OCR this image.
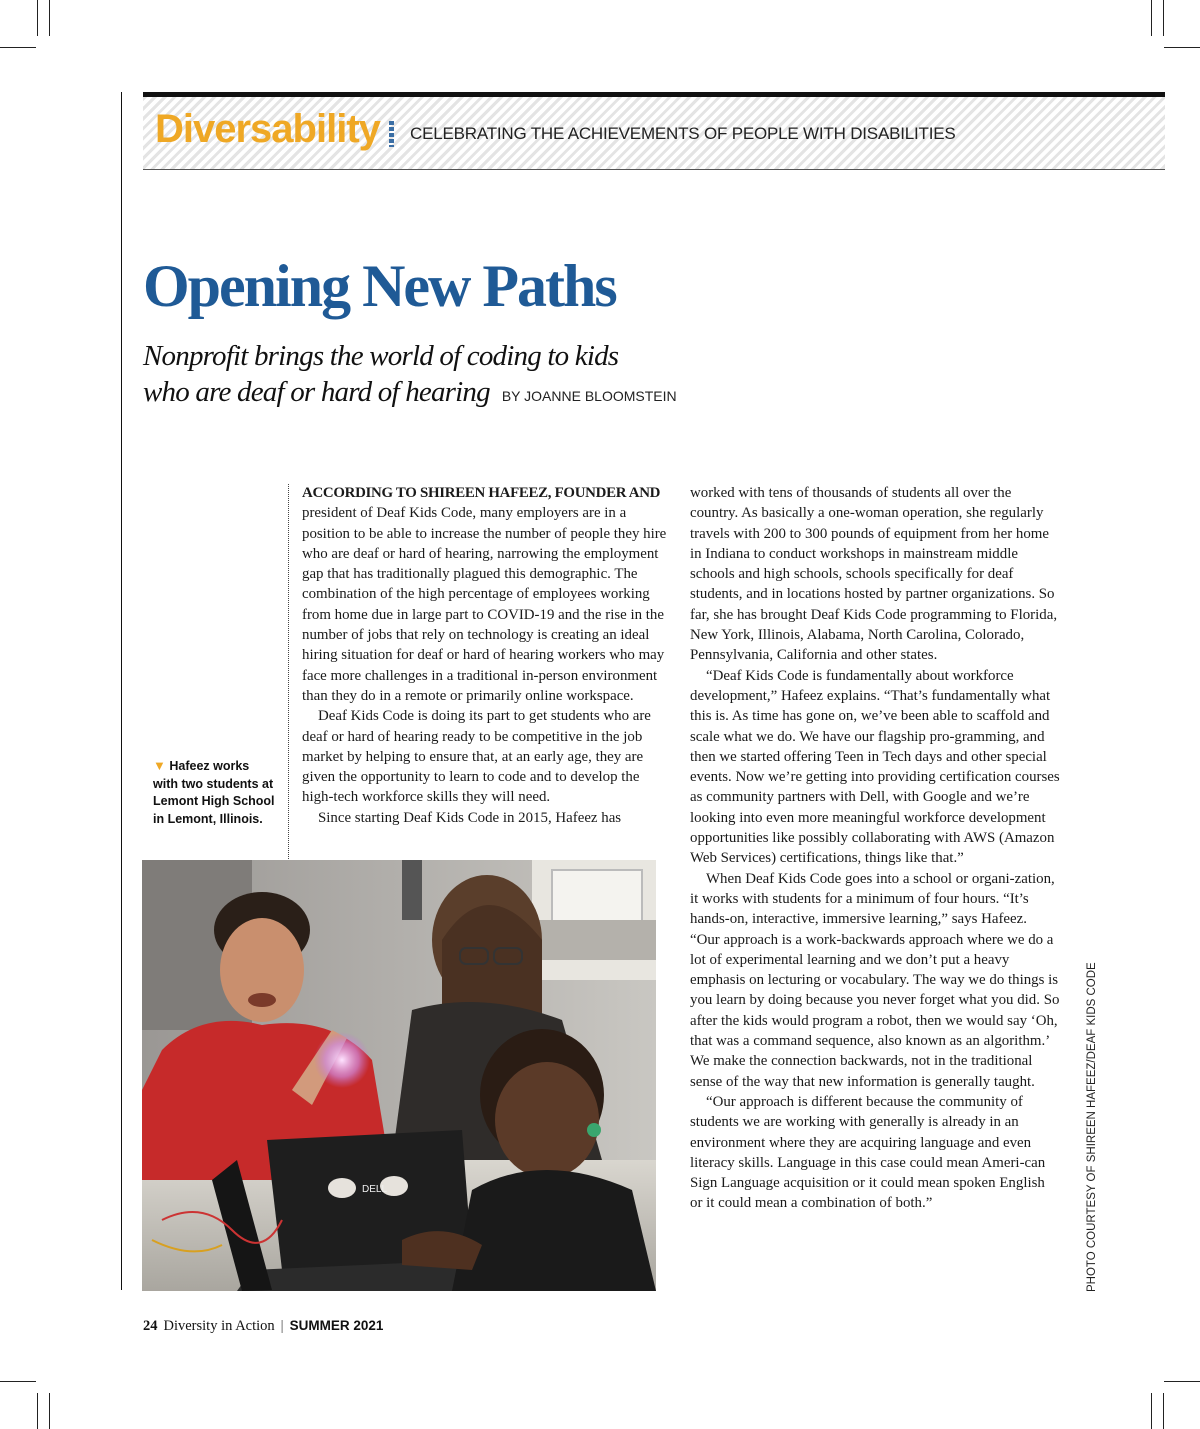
Diversability CELEBRATING THE ACHIEVEMENTS OF PEOPLE WITH DISABILITIES
Opening New Paths
Nonprofit brings the world of coding to kids
who are deaf or hard of hearing BY JOANNE BLOOMSTEIN
▼ Hafeez works with two students at Lemont High School in Lemont, Illinois.

ACCORDING TO SHIREEN HAFEEZ, FOUNDER AND president of Deaf Kids Code, many employers are in a position to be able to increase the number of people they hire who are deaf or hard of hearing, narrowing the employment gap that has traditionally plagued this demographic. The combination of the high percentage of employees working from home due in large part to COVID-19 and the rise in the number of jobs that rely on technology is creating an ideal hiring situation for deaf or hard of hearing workers who may face more challenges in a traditional in-person environment than they do in a remote or primarily online workspace.

Deaf Kids Code is doing its part to get students who are deaf or hard of hearing ready to be competitive in the job market by helping to ensure that, at an early age, they are given the opportunity to learn to code and to develop the high-tech workforce skills they will need.

Since starting Deaf Kids Code in 2015, Hafeez has

worked with tens of thousands of students all over the country. As basically a one-woman operation, she regularly travels with 200 to 300 pounds of equipment from her home in Indiana to conduct workshops in mainstream middle schools and high schools, schools specifically for deaf students, and in locations hosted by partner organizations. So far, she has brought Deaf Kids Code programming to Florida, New York, Illinois, Alabama, North Carolina, Colorado, Pennsylvania, California and other states.

“Deaf Kids Code is fundamentally about workforce development,” Hafeez explains. “That’s fundamentally what this is. As time has gone on, we’ve been able to scaffold and scale what we do. We have our flagship pro-gramming, and then we started offering Teen in Tech days and other special events. Now we’re getting into providing certification courses as community partners with Dell, with Google and we’re looking into even more meaningful workforce development opportunities like possibly collaborating with AWS (Amazon Web Services) certifications, things like that.”

When Deaf Kids Code goes into a school or organi-zation, it works with students for a minimum of four hours. “It’s hands-on, interactive, immersive learning,” says Hafeez. “Our approach is a work-backwards approach where we do a lot of experimental learning and we don’t put a heavy emphasis on lecturing or vocabulary. The way we do things is you learn by doing because you never forget what you did. So after the kids would program a robot, then we would say ‘Oh, that was a command sequence, also known as an algorithm.’ We make the connection backwards, not in the traditional sense of the way that new information is generally taught.

“Our approach is different because the community of students we are working with generally is already in an environment where they are acquiring language and even literacy skills. Language in this case could mean Ameri-can Sign Language acquisition or it could mean spoken English or it could mean a combination of both.”

DELL	PHOTO COURTESY OF SHIREEN HAFEEZ/DEAF KIDS CODE
24 Diversity in Action | SUMMER 2021
